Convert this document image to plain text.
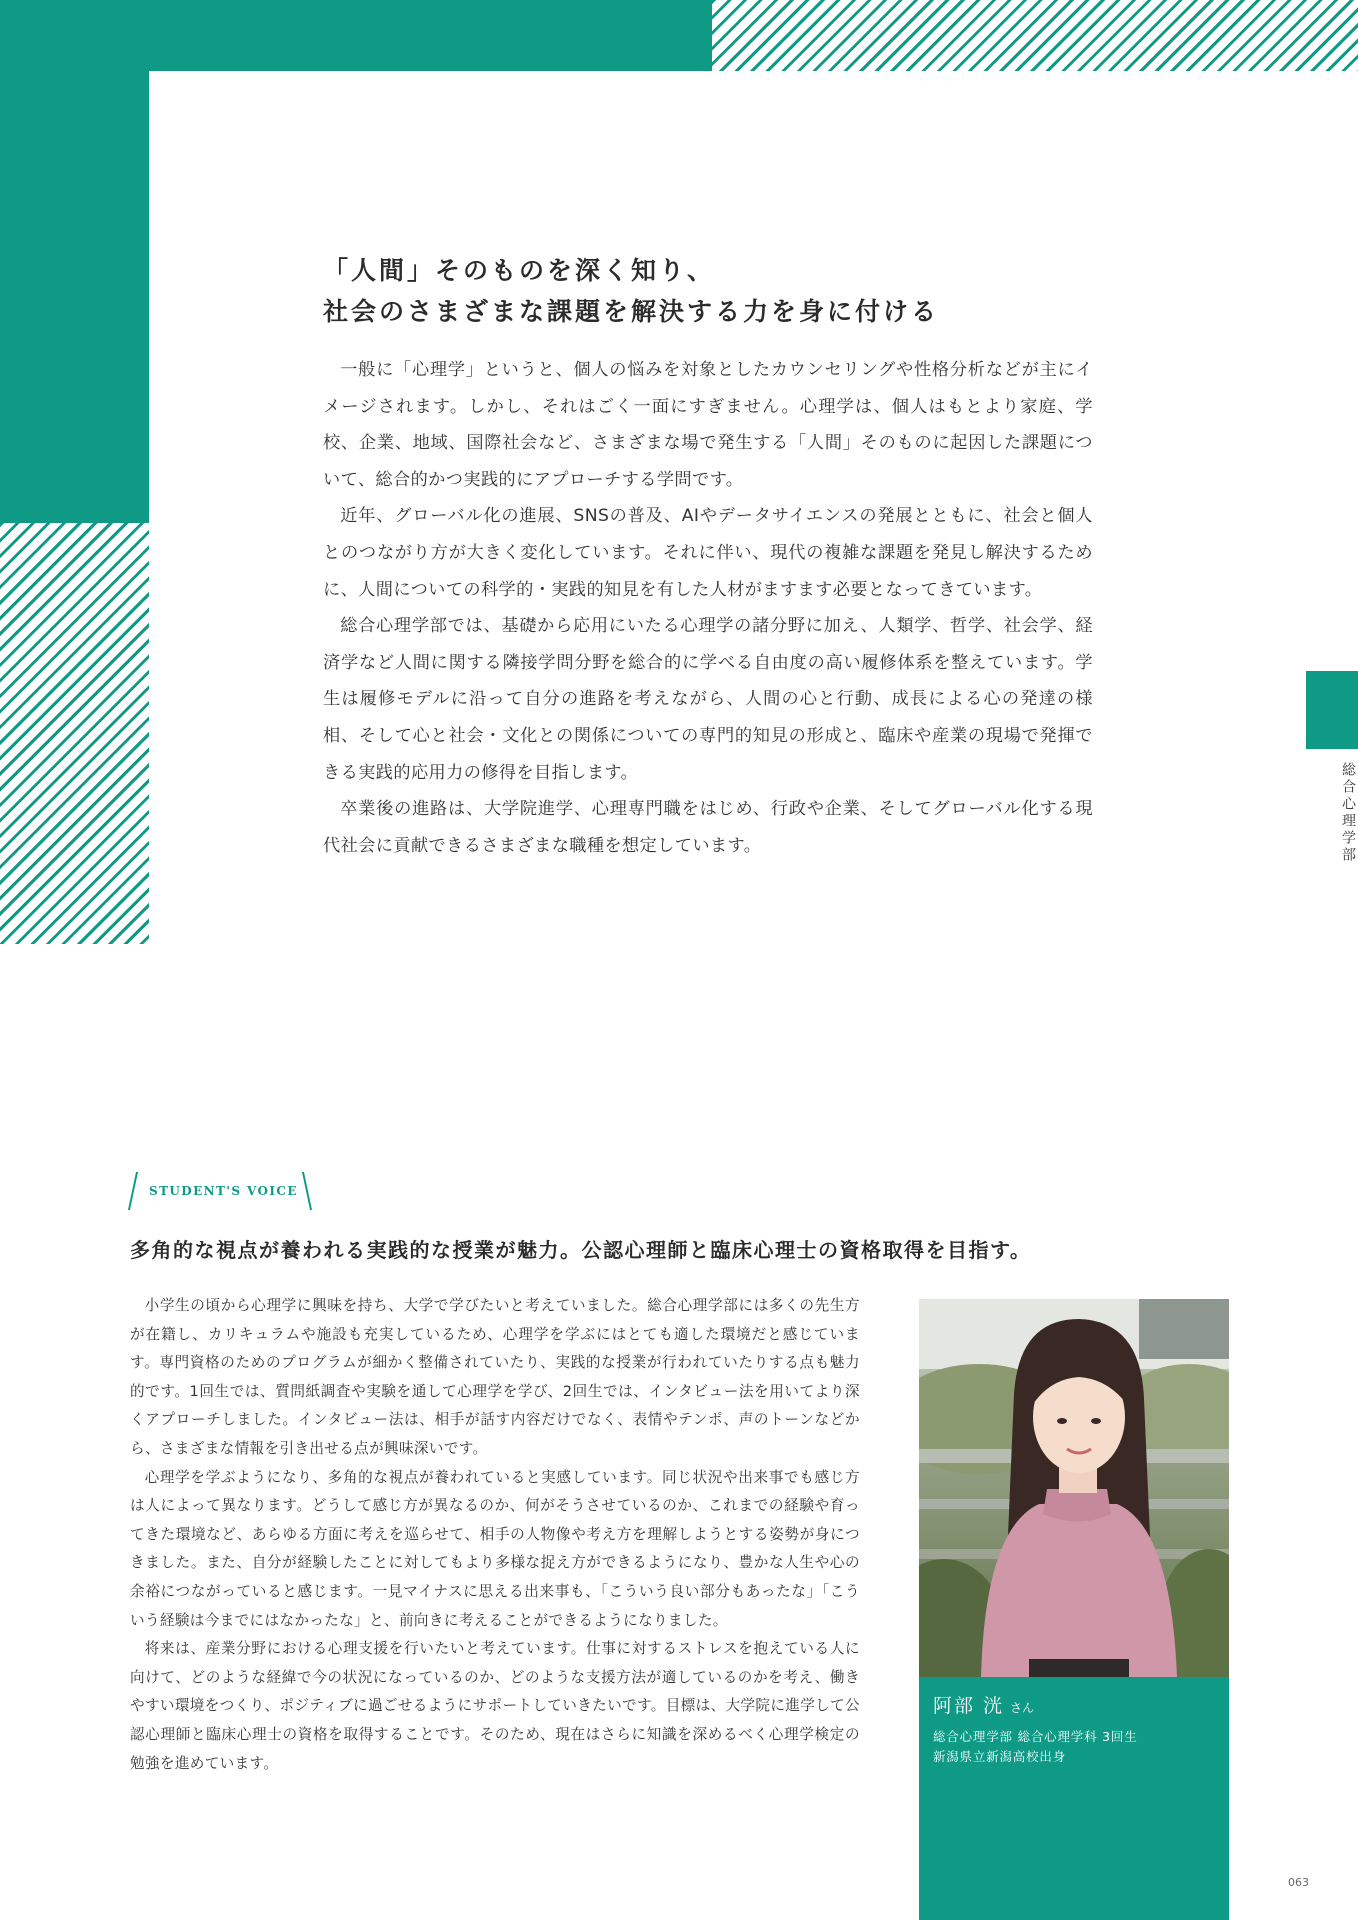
「人間」そのものを深く知り、
社会のさまざまな課題を解決する力を身に付ける

一般に「心理学」というと、個人の悩みを対象としたカウンセリングや性格分析などが主にイメージされます。しかし、それはごく一面にすぎません。心理学は、個人はもとより家庭、学校、企業、地域、国際社会など、さまざまな場で発生する「人間」そのものに起因した課題について、総合的かつ実践的にアプローチする学問です。

近年、グローバル化の進展、SNSの普及、AIやデータサイエンスの発展とともに、社会と個人とのつながり方が大きく変化しています。それに伴い、現代の複雑な課題を発見し解決するために、人間についての科学的・実践的知見を有した人材がますます必要となってきています。

総合心理学部では、基礎から応用にいたる心理学の諸分野に加え、人類学、哲学、社会学、経済学など人間に関する隣接学問分野を総合的に学べる自由度の高い履修体系を整えています。学生は履修モデルに沿って自分の進路を考えながら、人間の心と行動、成長による心の発達の様相、そして心と社会・文化との関係についての専門的知見の形成と、臨床や産業の現場で発揮できる実践的応用力の修得を目指します。

卒業後の進路は、大学院進学、心理専門職をはじめ、行政や企業、そしてグローバル化する現代社会に貢献できるさまざまな職種を想定しています。	総合心理学部
STUDENT'S VOICE
多角的な視点が養われる実践的な授業が魅力。公認心理師と臨床心理士の資格取得を目指す。

小学生の頃から心理学に興味を持ち、大学で学びたいと考えていました。総合心理学部には多くの先生方が在籍し、カリキュラムや施設も充実しているため、心理学を学ぶにはとても適した環境だと感じています。専門資格のためのプログラムが細かく整備されていたり、実践的な授業が行われていたりする点も魅力的です。1回生では、質問紙調査や実験を通して心理学を学び、2回生では、インタビュー法を用いてより深くアプローチしました。インタビュー法は、相手が話す内容だけでなく、表情やテンポ、声のトーンなどから、さまざまな情報を引き出せる点が興味深いです。

心理学を学ぶようになり、多角的な視点が養われていると実感しています。同じ状況や出来事でも感じ方は人によって異なります。どうして感じ方が異なるのか、何がそうさせているのか、これまでの経験や育ってきた環境など、あらゆる方面に考えを巡らせて、相手の人物像や考え方を理解しようとする姿勢が身につきました。また、自分が経験したことに対してもより多様な捉え方ができるようになり、豊かな人生や心の余裕につながっていると感じます。一見マイナスに思える出来事も、「こういう良い部分もあったな」「こういう経験は今までにはなかったな」と、前向きに考えることができるようになりました。

将来は、産業分野における心理支援を行いたいと考えています。仕事に対するストレスを抱えている人に向けて、どのような経緯で今の状況になっているのか、どのような支援方法が適しているのかを考え、働きやすい環境をつくり、ポジティブに過ごせるようにサポートしていきたいです。目標は、大学院に進学して公認心理師と臨床心理士の資格を取得することです。そのため、現在はさらに知識を深めるべく心理学検定の勉強を進めています。

阿部 洸 さん
総合心理学部 総合心理学科 3回生
新潟県立新潟高校出身
063
